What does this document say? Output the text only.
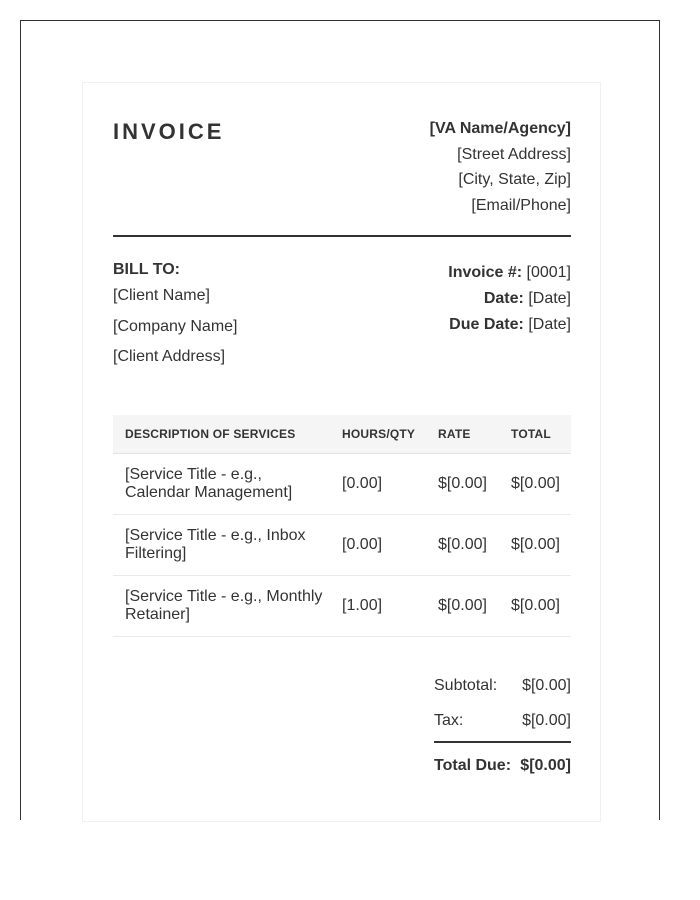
INVOICE	[VA Name/Agency]
[Street Address]
[City, State, Zip]
[Email/Phone]
BILL TO:
[Client Name]
[Company Name]
[Client Address]
Invoice #: [0001]
Date: [Date]
Due Date: [Date]
DESCRIPTION OF SERVICES	HOURS/QTY	RATE	TOTAL
[Service Title - e.g., Calendar Management]	[0.00]	$[0.00]	$[0.00]
[Service Title - e.g., Inbox Filtering]	[0.00]	$[0.00]	$[0.00]
[Service Title - e.g., Monthly Retainer]	[1.00]	$[0.00]	$[0.00]
Subtotal: $[0.00]
Tax:	$[0.00]
Total Due: $[0.00]
